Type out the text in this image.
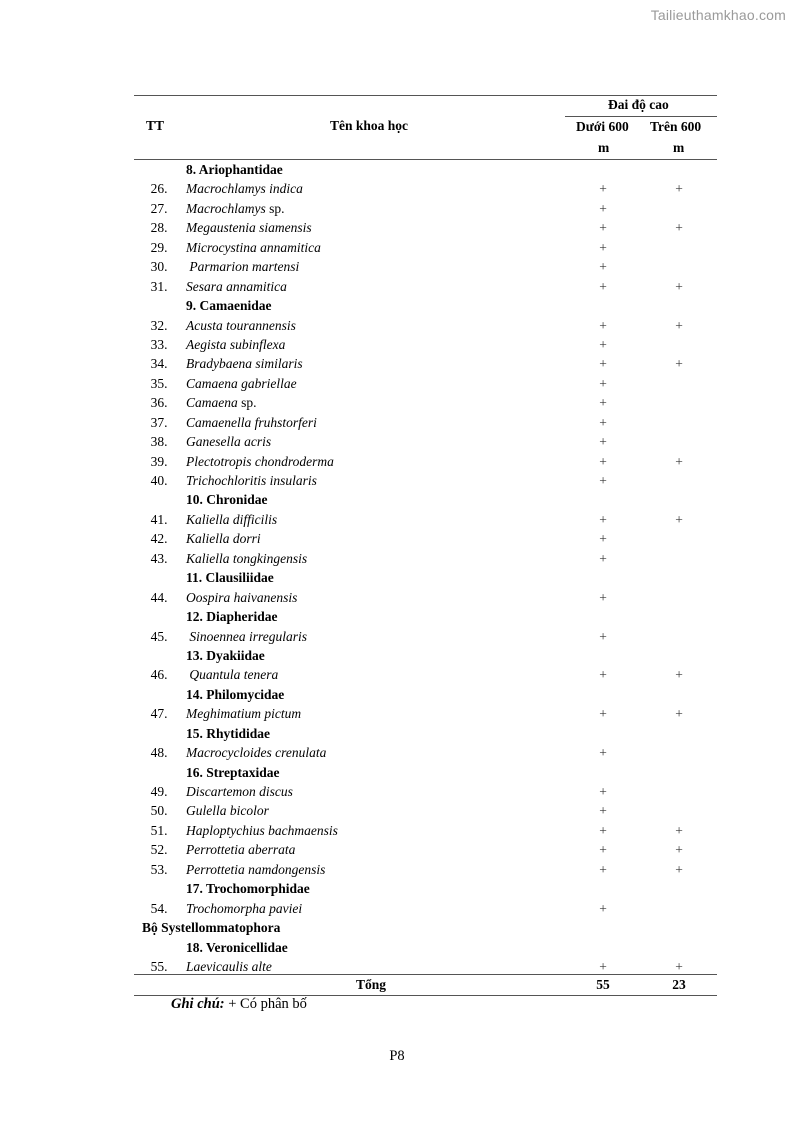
Tailieuthamkhao.com
TT	Tên khoa học
Đai độ cao
Dưới 600
m
Trên 600
m
8. Ariophantidae
26.	Macrochlamys indica	+	+
27.	Macrochlamys sp.	+
28.	Megaustenia siamensis	+	+
29.	Microcystina annamitica	+
30.	Parmarion martensi	+
31.	Sesara annamitica	+	+
9. Camaenidae
32.	Acusta tourannensis	+	+
33.	Aegista subinflexa	+
34.	Bradybaena similaris	+	+
35.	Camaena gabriellae	+
36.	Camaena sp.	+
37.	Camaenella fruhstorferi	+
38.	Ganesella acris	+
39.	Plectotropis chondroderma	+	+
40.	Trichochloritis insularis	+
10. Chronidae
41.	Kaliella difficilis	+	+
42.	Kaliella dorri	+
43.	Kaliella tongkingensis	+
11. Clausiliidae
44.	Oospira haivanensis	+
12. Diapheridae
45.	Sinoennea irregularis	+
13. Dyakiidae
46.	Quantula tenera	+	+
14. Philomycidae
47.	Meghimatium pictum	+	+
15. Rhytididae
48.	Macrocycloides crenulata	+
16. Streptaxidae
49.	Discartemon discus	+
50.	Gulella bicolor	+
51.	Haploptychius bachmaensis	+	+
52.	Perrottetia aberrata	+	+
53.	Perrottetia namdongensis	+	+
17. Trochomorphidae
54.	Trochomorpha paviei	+
Bộ Systellommatophora
18. Veronicellidae
55.	Laevicaulis alte	+	+
Tổng	55	23
Ghi chú: + Có phân bố
P8
